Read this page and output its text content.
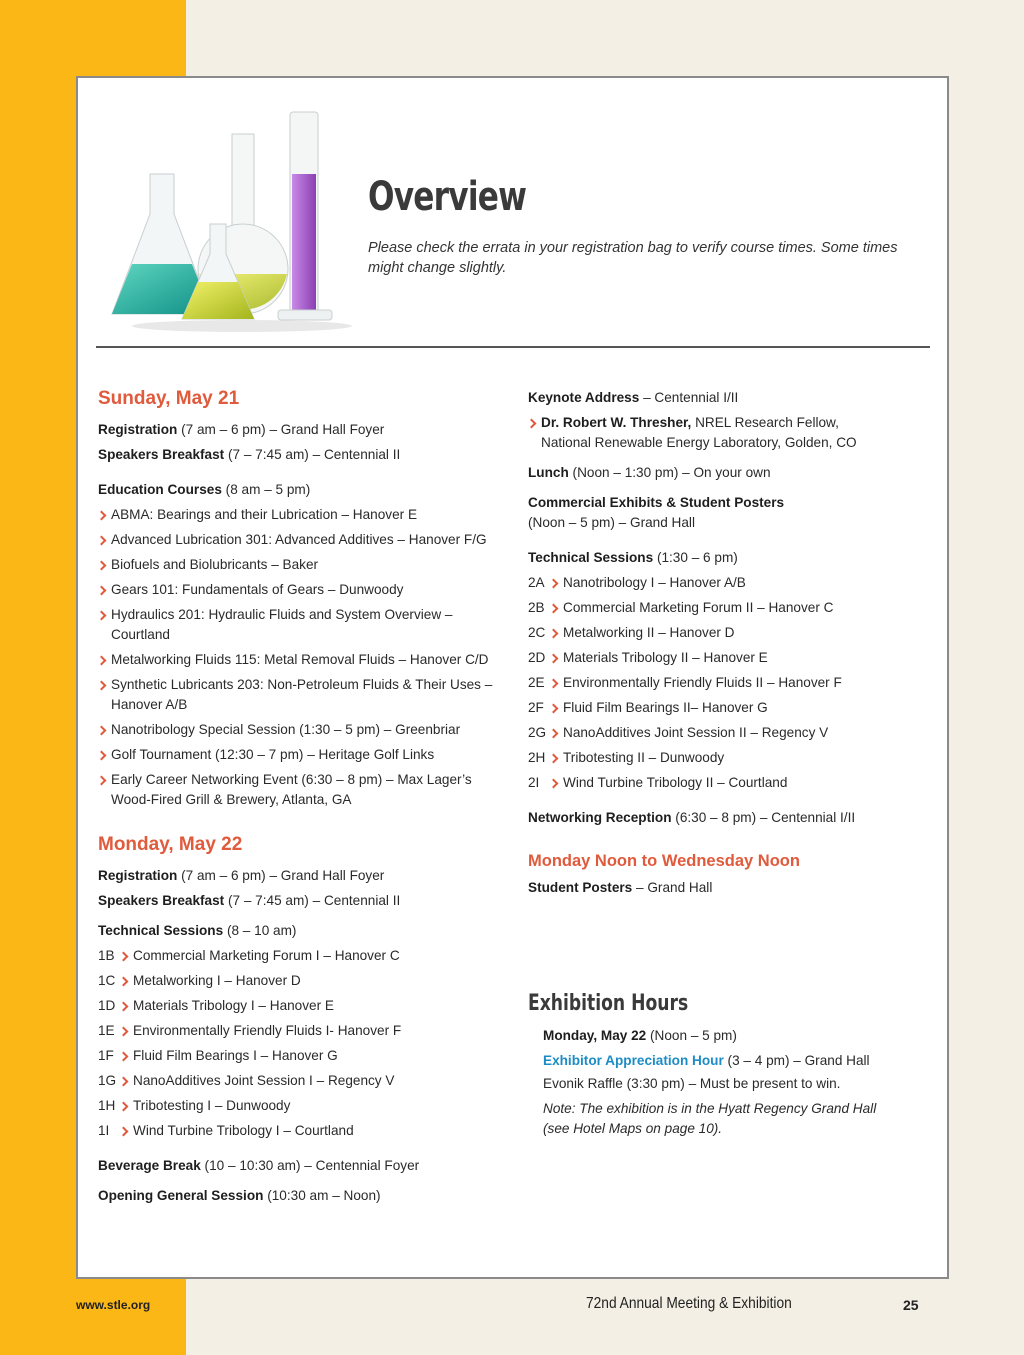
Overview
Please check the errata in your registration bag to verify course times. Some times might change slightly.
Sunday, May 21
Registration (7 am – 6 pm) – Grand Hall Foyer
Speakers Breakfast (7 – 7:45 am) – Centennial II
Education Courses (8 am – 5 pm)
ABMA: Bearings and their Lubrication – Hanover E
Advanced Lubrication 301: Advanced Additives – Hanover F/G
Biofuels and Biolubricants – Baker
Gears 101: Fundamentals of Gears – Dunwoody
Hydraulics 201: Hydraulic Fluids and System Overview – Courtland
Metalworking Fluids 115: Metal Removal Fluids – Hanover C/D
Synthetic Lubricants 203: Non-Petroleum Fluids & Their Uses – Hanover A/B
Nanotribology Special Session (1:30 – 5 pm) – Greenbriar
Golf Tournament (12:30 – 7 pm) – Heritage Golf Links
Early Career Networking Event (6:30 – 8 pm) – Max Lager’s Wood-Fired Grill & Brewery, Atlanta, GA
Monday, May 22
Registration (7 am – 6 pm) – Grand Hall Foyer
Speakers Breakfast (7 – 7:45 am) – Centennial II
Technical Sessions (8 – 10 am)
1B	Commercial Marketing Forum I – Hanover C
1C	Metalworking I – Hanover D
1D	Materials Tribology I – Hanover E
1E	Environmentally Friendly Fluids I- Hanover F
1F	Fluid Film Bearings I – Hanover G
1G	NanoAdditives Joint Session I – Regency V
1H	Tribotesting I – Dunwoody
1I	Wind Turbine Tribology I – Courtland
Beverage Break (10 – 10:30 am) – Centennial Foyer
Opening General Session (10:30 am – Noon)
Keynote Address – Centennial I/II
Dr. Robert W. Thresher, NREL Research Fellow, National Renewable Energy Laboratory, Golden, CO
Lunch (Noon – 1:30 pm) – On your own
Commercial Exhibits & Student Posters
(Noon – 5 pm) – Grand Hall
Technical Sessions (1:30 – 6 pm)
2A	Nanotribology I – Hanover A/B
2B	Commercial Marketing Forum II – Hanover C
2C	Metalworking II – Hanover D
2D	Materials Tribology II – Hanover E
2E	Environmentally Friendly Fluids II – Hanover F
2F	Fluid Film Bearings II– Hanover G
2G	NanoAdditives Joint Session II – Regency V
2H	Tribotesting II – Dunwoody
2I	Wind Turbine Tribology II – Courtland
Networking Reception (6:30 – 8 pm) – Centennial I/II
Monday Noon to Wednesday Noon
Student Posters – Grand Hall
Exhibition Hours
Monday, May 22 (Noon – 5 pm)
Exhibitor Appreciation Hour (3 – 4 pm) – Grand Hall
Evonik Raffle (3:30 pm) – Must be present to win.
Note: The exhibition is in the Hyatt Regency Grand Hall (see Hotel Maps on page 10).
www.stle.org	72nd Annual Meeting & Exhibition	25
